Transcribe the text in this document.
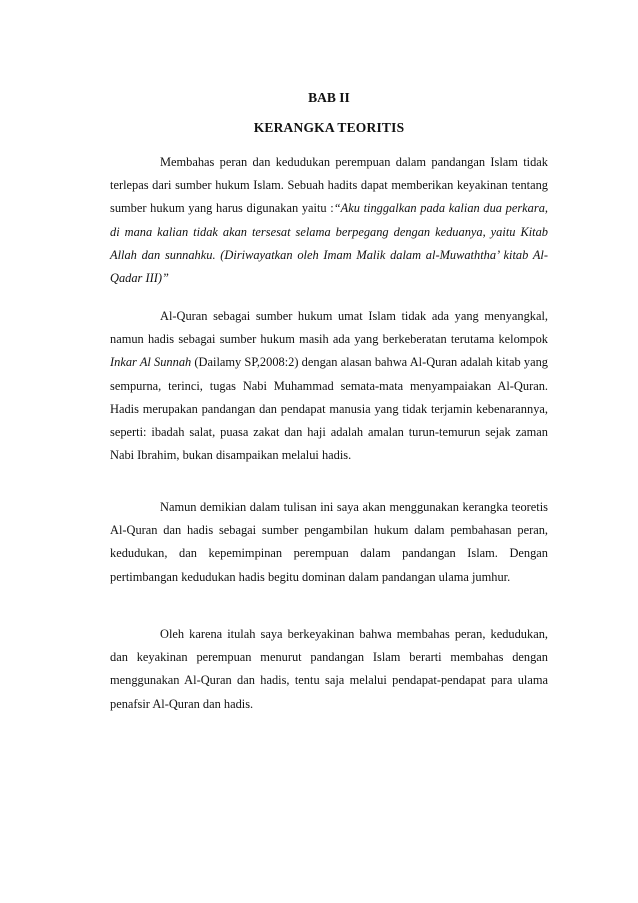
BAB II
KERANGKA TEORITIS

Membahas peran dan kedudukan perempuan dalam pandangan Islam tidak terlepas dari sumber hukum Islam. Sebuah hadits dapat memberikan keyakinan tentang sumber hukum yang harus digunakan yaitu :“Aku tinggalkan pada kalian dua perkara, di mana kalian tidak akan tersesat selama berpegang dengan keduanya, yaitu Kitab Allah dan sunnahku. (Diriwayatkan oleh Imam Malik dalam al-Muwaththa’ kitab Al-Qadar III)”

Al-Quran sebagai sumber hukum umat Islam tidak ada yang menyangkal, namun hadis sebagai sumber hukum masih ada yang berkeberatan terutama kelompok Inkar Al Sunnah (Dailamy SP,2008:2) dengan alasan bahwa Al-Quran adalah kitab yang sempurna, terinci, tugas Nabi Muhammad semata-mata menyampaiakan Al-Quran. Hadis merupakan pandangan dan pendapat manusia yang tidak terjamin kebenarannya, seperti: ibadah salat, puasa zakat dan haji adalah amalan turun-temurun sejak zaman Nabi Ibrahim, bukan disampaikan melalui hadis.

Namun demikian dalam tulisan ini saya akan menggunakan kerangka teoretis Al-Quran dan hadis sebagai sumber pengambilan hukum dalam pembahasan peran, kedudukan, dan kepemimpinan perempuan dalam pandangan Islam. Dengan pertimbangan kedudukan hadis begitu dominan dalam pandangan ulama jumhur.

Oleh karena itulah saya berkeyakinan bahwa membahas peran, kedudukan, dan keyakinan perempuan menurut pandangan Islam berarti membahas dengan menggunakan Al-Quran dan hadis, tentu saja melalui pendapat-pendapat para ulama penafsir Al-Quran dan hadis.
